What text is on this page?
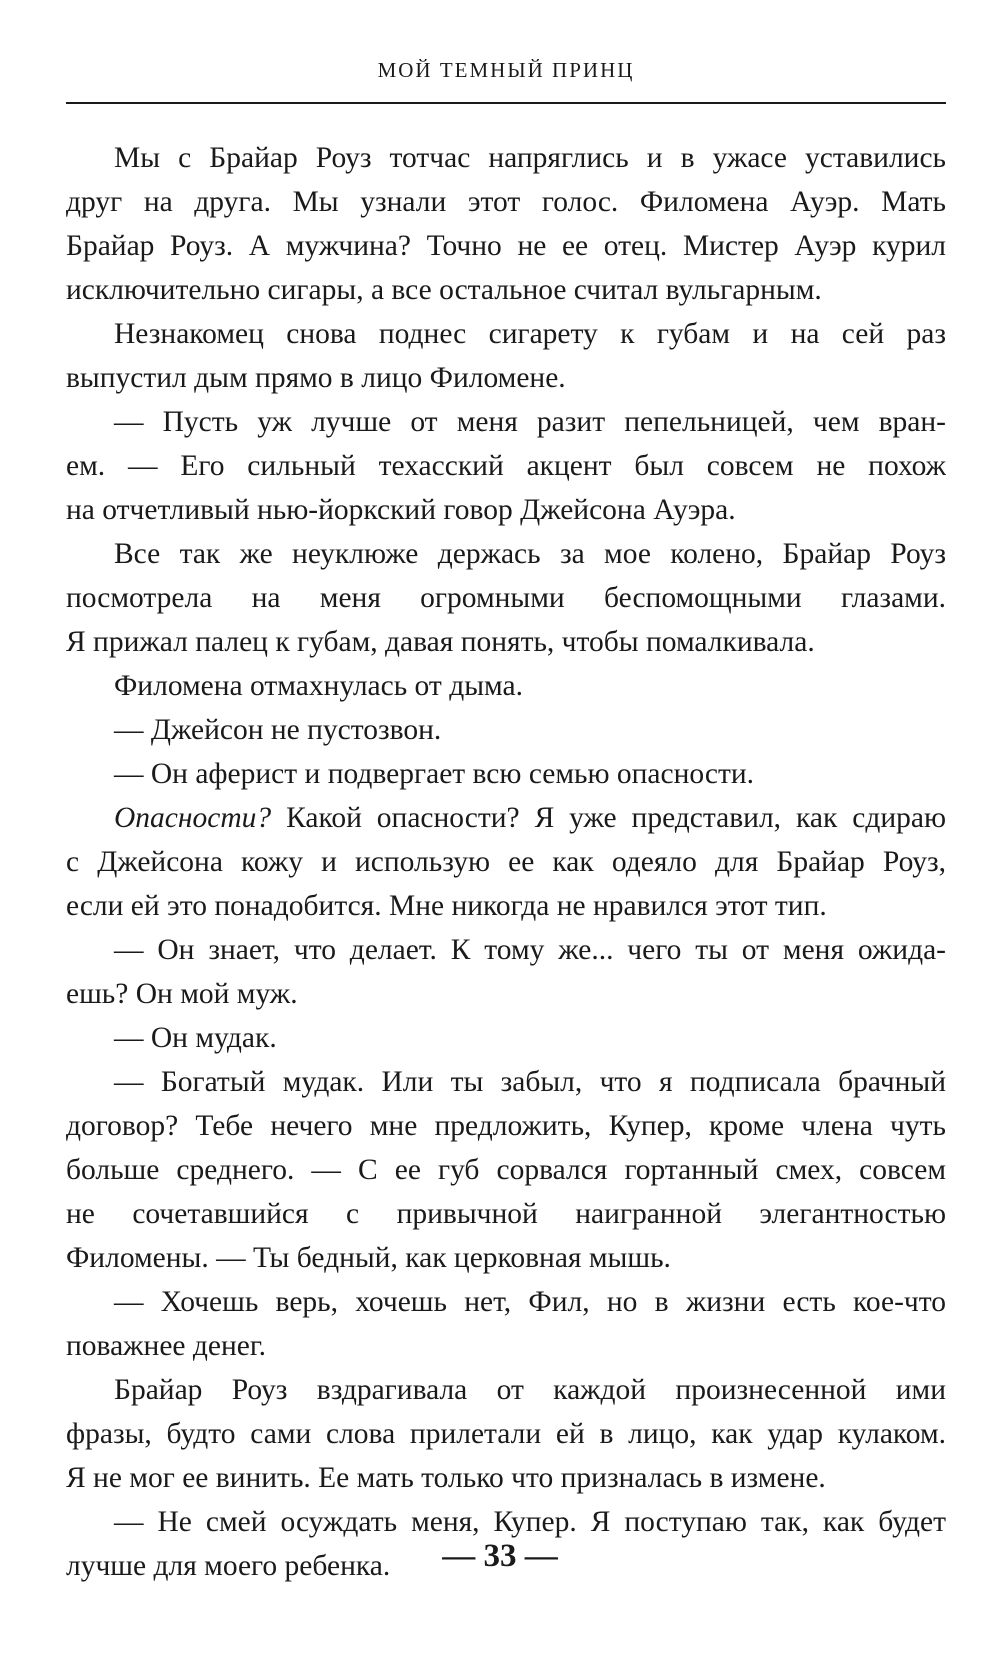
МОЙ ТЕМНЫЙ ПРИНЦ
Мы с Брайар Роуз тотчас напряглись и в ужасе уставились
друг на друга. Мы узнали этот голос. Филомена Ауэр. Мать
Брайар Роуз. А мужчина? Точно не ее отец. Мистер Ауэр курил
исключительно сигары, а все остальное считал вульгарным.
Незнакомец снова поднес сигарету к губам и на сей раз
выпустил дым прямо в лицо Филомене.
— Пусть уж лучше от меня разит пепельницей, чем вран-
ем. — Его сильный техасский акцент был совсем не похож
на отчетливый нью-йоркский говор Джейсона Ауэра.
Все так же неуклюже держась за мое колено, Брайар Роуз
посмотрела на меня огромными беспомощными глазами.
Я прижал палец к губам, давая понять, чтобы помалкивала.
Филомена отмахнулась от дыма.
— Джейсон не пустозвон.
— Он аферист и подвергает всю семью опасности.
Опасности? Какой опасности? Я уже представил, как сдираю
с Джейсона кожу и использую ее как одеяло для Брайар Роуз,
если ей это понадобится. Мне никогда не нравился этот тип.
— Он знает, что делает. К тому же... чего ты от меня ожида-
ешь? Он мой муж.
— Он мудак.
— Богатый мудак. Или ты забыл, что я подписала брачный
договор? Тебе нечего мне предложить, Купер, кроме члена чуть
больше среднего. — С ее губ сорвался гортанный смех, совсем
не сочетавшийся с привычной наигранной элегантностью
Филомены. — Ты бедный, как церковная мышь.
— Хочешь верь, хочешь нет, Фил, но в жизни есть кое-что
поважнее денег.
Брайар Роуз вздрагивала от каждой произнесенной ими
фразы, будто сами слова прилетали ей в лицо, как удар кулаком.
Я не мог ее винить. Ее мать только что призналась в измене.
— Не смей осуждать меня, Купер. Я поступаю так, как будет
лучше для моего ребенка.	— 33 —
